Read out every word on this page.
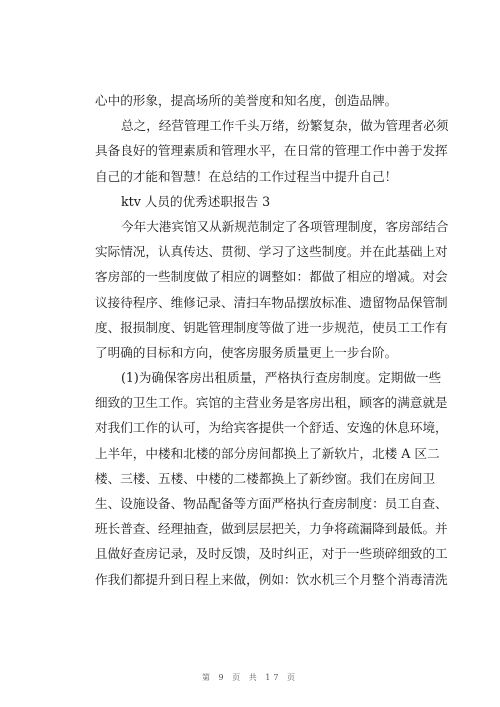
心中的形象，提高场所的美誉度和知名度，创造品牌。
总之，经营管理工作千头万绪，纷繁复杂，做为管理者必须
具备良好的管理素质和管理水平，在日常的管理工作中善于发挥
自己的才能和智慧！在总结的工作过程当中提升自己！
ktv 人员的优秀述职报告 3
今年大港宾馆又从新规范制定了各项管理制度，客房部结合
实际情况，认真传达、贯彻、学习了这些制度。并在此基础上对
客房部的一些制度做了相应的调整如：都做了相应的增减。对会
议接待程序、维修记录、清扫车物品摆放标准、遗留物品保管制
度、报损制度、钥匙管理制度等做了进一步规范，使员工工作有
了明确的目标和方向，使客房服务质量更上一步台阶。
(1)为确保客房出租质量，严格执行查房制度。定期做一些
细致的卫生工作。宾馆的主营业务是客房出租，顾客的满意就是
对我们工作的认可，为给宾客提供一个舒适、安逸的休息环境，
上半年，中楼和北楼的部分房间都换上了新软片，北楼 A 区二
楼、三楼、五楼、中楼的二楼都换上了新纱窗。我们在房间卫
生、设施设备、物品配备等方面严格执行查房制度：员工自查、
班长普查、经理抽查，做到层层把关，力争将疏漏降到最低。并
且做好查房记录，及时反馈，及时纠正，对于一些琐碎细致的工
作我们都提升到日程上来做，例如：饮水机三个月整个消毒清洗
第 9 页 共 17 页
